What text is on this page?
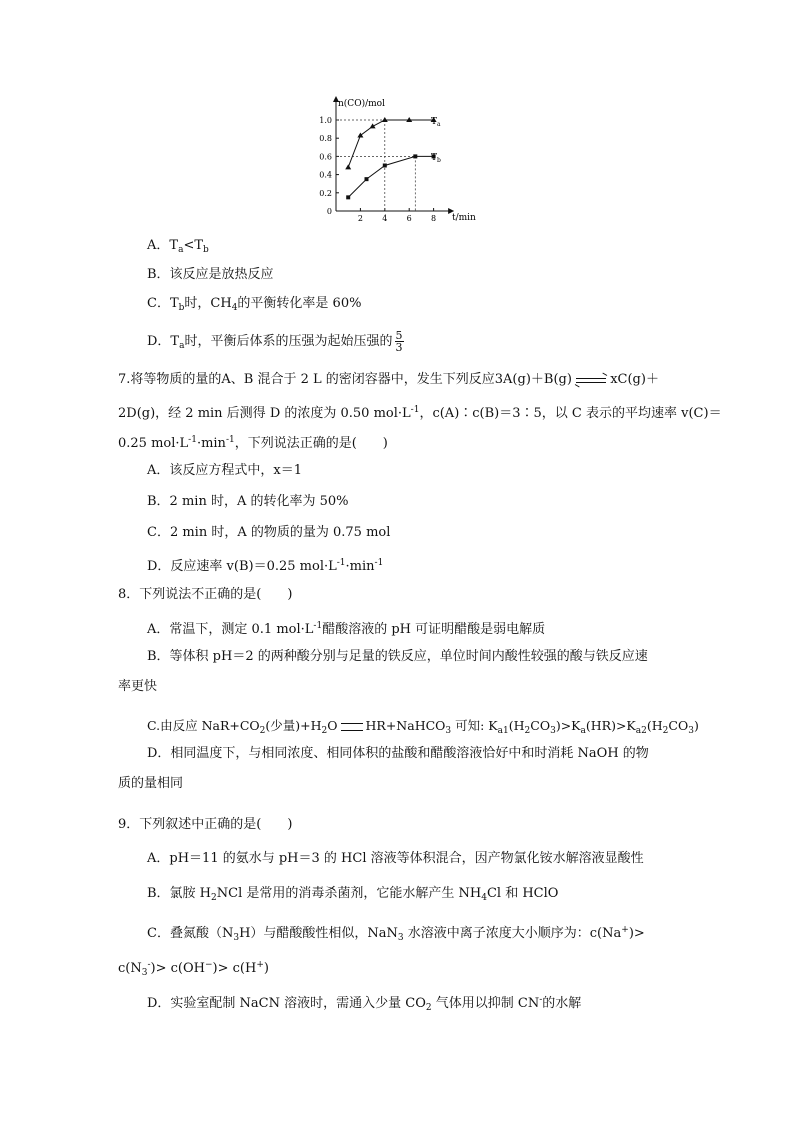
0
0.2
0.4
0.6
0.8
1.0
2 4 6 8
n(CO)/mol
t/min
$T_a$
$T_b$
A．$T_a<T_b$
B．该反应是放热反应
C．$T_b$时，$CH_4$的平衡转化率是 60%
D．$T_a$时，平衡后体系的压强为起始压强的 $\frac{5}{3}$
7.将等物质的量的A、B 混合于 2 L 的密闭容器中，发生下列反应3A(g)＋B(g)	xC(g)＋
2D(g)，经 2 min 后测得 D 的浓度为 0.50 $mol\cdot L^{-1}$，c(A)∶c(B)＝3∶5，以 C 表示的平均速率 v(C)＝
0.25 $mol\cdot L^{-1}\cdot\min^{-1}$，下列说法正确的是( )
A．该反应方程式中，x＝1
B．2 min 时，A 的转化率为 50%
C．2 min 时，A 的物质的量为 0.75 mol
D．反应速率 v(B)＝0.25 $mol\cdot L^{-1}\cdot\min^{-1}$
8．下列说法不正确的是( )
A．常温下，测定 0.1 $mol\cdot L^{-1}$醋酸溶液的 pH 可证明醋酸是弱电解质
B．等体积 pH＝2 的两种酸分别与足量的铁反应，单位时间内酸性较强的酸与铁反应速
率更快
C.由反应 $NaR+CO_2$(少量)$+H_2O$ HR+NaHCO$_3$ 可知: $K_{a1}(H_2CO_3)>K_a(HR)>K_{a2}(H_2CO_3)$
D．相同温度下，与相同浓度、相同体积的盐酸和醋酸溶液恰好中和时消耗 NaOH 的物
质的量相同
9．下列叙述中正确的是( )
A．pH＝11 的氨水与 pH＝3 的 HCl 溶液等体积混合，因产物氯化铵水解溶液显酸性
B．氯胺 $H_2NCl$ 是常用的消毒杀菌剂，它能水解产生 $NH_4Cl$ 和 HClO
C．叠氮酸$(N_3H)$与醋酸酸性相似，NaN$_3$ 水溶液中离子浓度大小顺序为：c(Na+)>
$c(N_3^-)> c(OH^-)> c(H^+)$
D．实验室配制 NaCN 溶液时，需通入少量 $CO_2$ 气体用以抑制 CN-的水解
